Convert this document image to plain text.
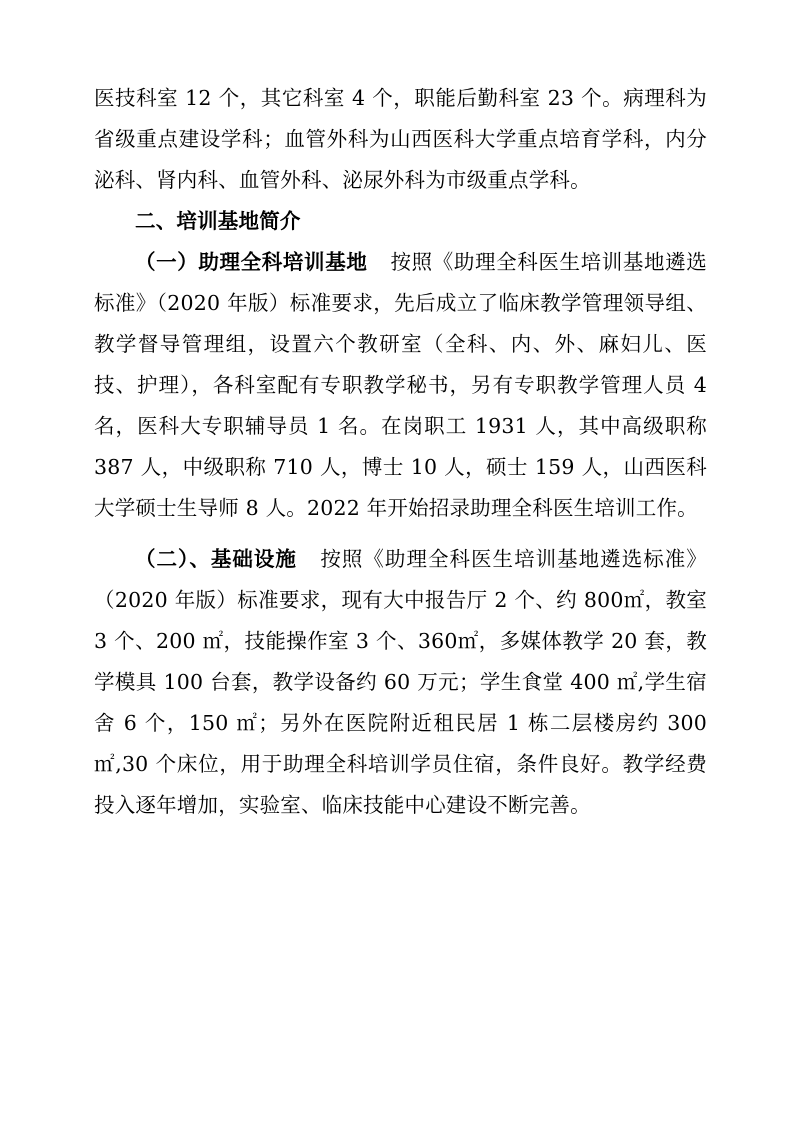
医技科室 12 个，其它科室 4 个，职能后勤科室 23 个。病理科为省级重点建设学科；血管外科为山西医科大学重点培育学科，内分泌科、肾内科、血管外科、泌尿外科为市级重点学科。

二、培训基地简介

（一）助理全科培训基地 按照《助理全科医生培训基地遴选标准》（2020 年版）标准要求，先后成立了临床教学管理领导组、教学督导管理组，设置六个教研室（全科、内、外、麻妇儿、医技、护理），各科室配有专职教学秘书，另有专职教学管理人员 4 名，医科大专职辅导员 1 名。在岗职工 1931 人，其中高级职称 387 人，中级职称 710 人，博士 10 人，硕士 159 人，山西医科大学硕士生导师 8 人。2022 年开始招录助理全科医生培训工作。

（二）、基础设施 按照《助理全科医生培训基地遴选标准》（2020 年版）标准要求，现有大中报告厅 2 个、约 800㎡，教室 3 个、200 ㎡，技能操作室 3 个、360㎡，多媒体教学 20 套，教学模具 100 台套，教学设备约 60 万元；学生食堂 400 ㎡,学生宿舍 6 个，150 ㎡；另外在医院附近租民居 1 栋二层楼房约 300 ㎡,30 个床位，用于助理全科培训学员住宿，条件良好。教学经费投入逐年增加，实验室、临床技能中心建设不断完善。
